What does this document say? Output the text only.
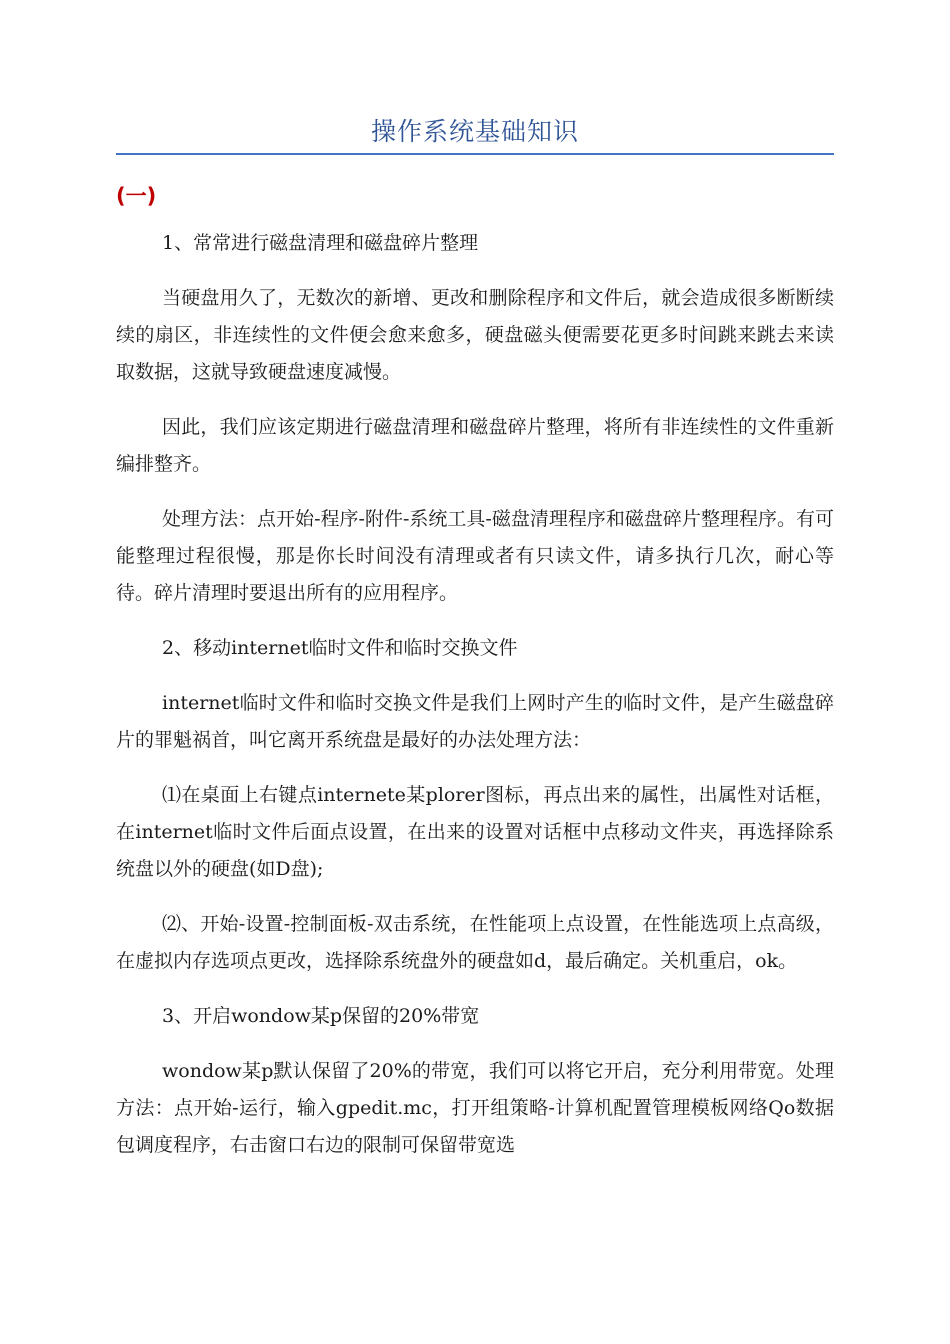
操作系统基础知识
(一)

1、常常进行磁盘清理和磁盘碎片整理

当硬盘用久了，无数次的新增、更改和删除程序和文件后，就会造成很多断断续续的扇区，非连续性的文件便会愈来愈多，硬盘磁头便需要花更多时间跳来跳去来读取数据，这就导致硬盘速度减慢。

因此，我们应该定期进行磁盘清理和磁盘碎片整理，将所有非连续性的文件重新编排整齐。

处理方法：点开始-程序-附件-系统工具-磁盘清理程序和磁盘碎片整理程序。有可能整理过程很慢，那是你长时间没有清理或者有只读文件，请多执行几次，耐心等待。碎片清理时要退出所有的应用程序。

2、移动internet临时文件和临时交换文件

internet临时文件和临时交换文件是我们上网时产生的临时文件，是产生磁盘碎片的罪魁祸首，叫它离开系统盘是最好的办法处理方法：

⑴在桌面上右键点internete某plorer图标，再点出来的属性，出属性对话框，在internet临时文件后面点设置，在出来的设置对话框中点移动文件夹，再选择除系统盘以外的硬盘(如D盘);

⑵、开始-设置-控制面板-双击系统，在性能项上点设置，在性能选项上点高级，在虚拟内存选项点更改，选择除系统盘外的硬盘如d，最后确定。关机重启，ok。

3、开启wondow某p保留的20%带宽

wondow某p默认保留了20%的带宽，我们可以将它开启，充分利用带宽。处理方法：点开始-运行，输入gpedit.mc，打开组策略-计算机配置管理模板网络Qo数据包调度程序，右击窗口右边的限制可保留带宽选
